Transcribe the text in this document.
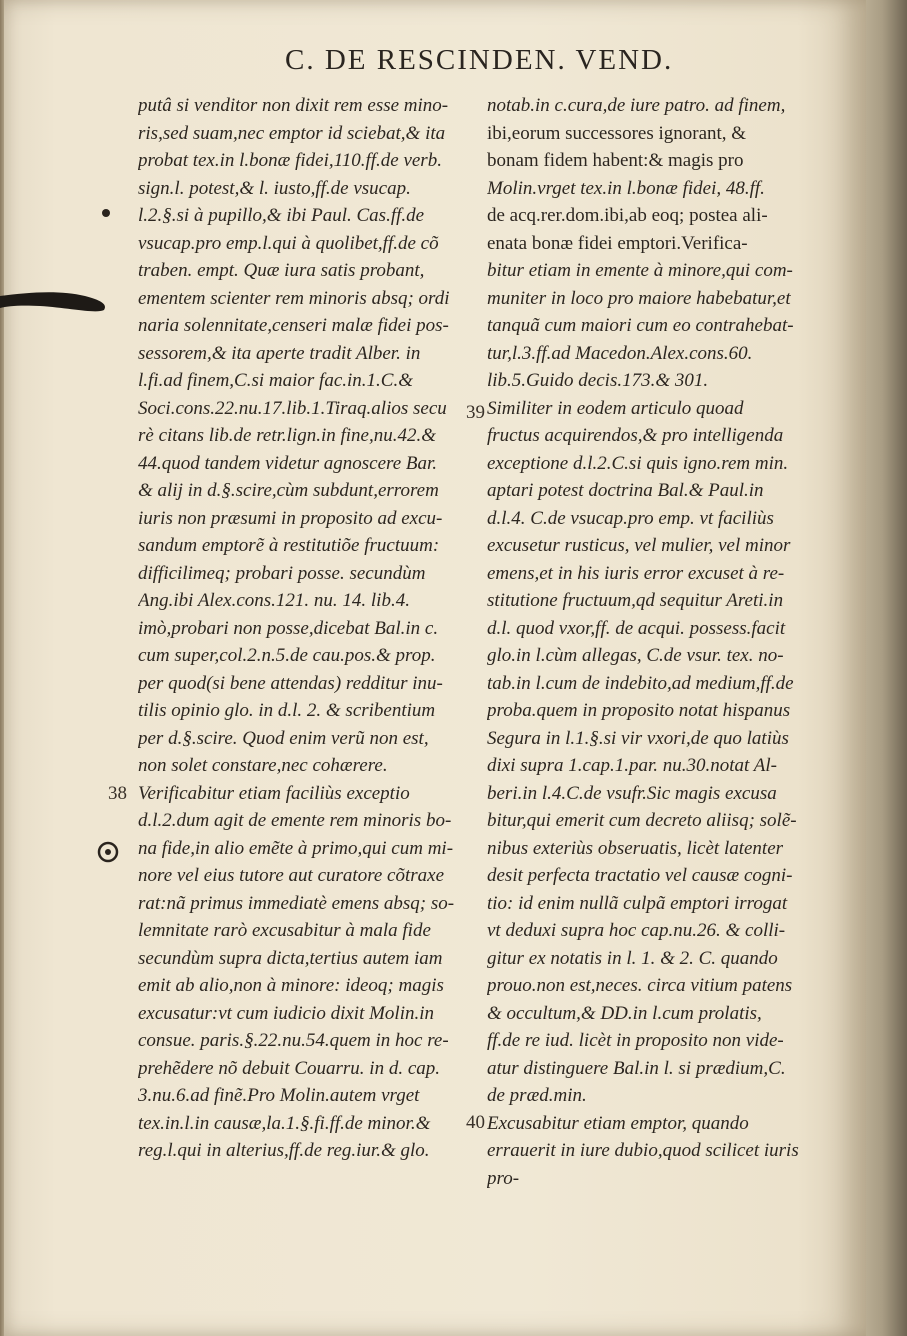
C. DE RESCINDEN. VEND.
putâ si venditor non dixit rem esse mino-
ris,sed suam,nec emptor id sciebat,& ita
probat tex.in l.bonæ fidei,110.ff.de verb.
sign.l. potest,& l. iusto,ff.de vsucap.
l.2.§.si à pupillo,& ibi Paul. Cas.ff.de
vsucap.pro emp.l.qui à quolibet,ff.de cõ
traben. empt. Quæ iura satis probant,
ementem scienter rem minoris absq; ordi
naria solennitate,censeri malæ fidei pos-
sessorem,& ita aperte tradit Alber. in
l.fi.ad finem,C.si maior fac.in.1.C.&
Soci.cons.22.nu.17.lib.1.Tiraq.alios secu
rè citans lib.de retr.lign.in fine,nu.42.&
44.quod tandem videtur agnoscere Bar.
& alij in d.§.scire,cùm subdunt,errorem
iuris non præsumi in proposito ad excu-
sandum emptorẽ à restitutiõe fructuum:
difficilimeq; probari posse. secundùm
Ang.ibi Alex.cons.121. nu. 14. lib.4.
imò,probari non posse,dicebat Bal.in c.
cum super,col.2.n.5.de cau.pos.& prop.
per quod(si bene attendas) redditur inu-
tilis opinio glo. in d.l. 2. & scribentium
per d.§.scire. Quod enim verũ non est,
non solet constare,nec cohærere.
Verificabitur etiam faciliùs exceptio
d.l.2.dum agit de emente rem minoris bo-
na fide,in alio emẽte à primo,qui cum mi-
nore vel eius tutore aut curatore cõtraxe
rat:nã primus immediatè emens absq; so-
lemnitate rarò excusabitur à mala fide
secundùm supra dicta,tertius autem iam
emit ab alio,non à minore: ideoq; magis
excusatur:vt cum iudicio dixit Molin.in
consue. paris.§.22.nu.54.quem in hoc re-
prehẽdere nõ debuit Couarru. in d. cap.
3.nu.6.ad finẽ.Pro Molin.autem vrget
tex.in.l.in causæ,la.1.§.fi.ff.de minor.&
reg.l.qui in alterius,ff.de reg.iur.& glo.
notab.in c.cura,de iure patro. ad finem,
ibi,eorum successores ignorant, &
bonam fidem habent:& magis pro
Molin.vrget tex.in l.bonæ fidei, 48.ff.
de acq.rer.dom.ibi,ab eoq; postea ali-
enata bonæ fidei emptori.Verifica-
bitur etiam in emente à minore,qui com-
muniter in loco pro maiore habebatur,et
tanquã cum maiori cum eo contrahebat-
tur,l.3.ff.ad Macedon.Alex.cons.60.
lib.5.Guido decis.173.& 301.
Similiter in eodem articulo quoad
fructus acquirendos,& pro intelligenda
exceptione d.l.2.C.si quis igno.rem min.
aptari potest doctrina Bal.& Paul.in
d.l.4. C.de vsucap.pro emp. vt faciliùs
excusetur rusticus, vel mulier, vel minor
emens,et in his iuris error excuset à re-
stitutione fructuum,qd sequitur Areti.in
d.l. quod vxor,ff. de acqui. possess.facit
glo.in l.cùm allegas, C.de vsur. tex. no-
tab.in l.cum de indebito,ad medium,ff.de
proba.quem in proposito notat hispanus
Segura in l.1.§.si vir vxori,de quo latiùs
dixi supra 1.cap.1.par. nu.30.notat Al-
beri.in l.4.C.de vsufr.Sic magis excusa
bitur,qui emerit cum decreto aliisq; solẽ-
nibus exteriùs obseruatis, licèt latenter
desit perfecta tractatio vel causæ cogni-
tio: id enim nullã culpã emptori irrogat
vt deduxi supra hoc cap.nu.26. & colli-
gitur ex notatis in l. 1. & 2. C. quando
prouo.non est,neces. circa vitium patens
& occultum,& DD.in l.cum prolatis,
ff.de re iud. licèt in proposito non vide-
atur distinguere Bal.in l. si prædium,C.
de præd.min.
Excusabitur etiam emptor, quando
errauerit in iure dubio,quod scilicet iuris
pro-
38
39
40
